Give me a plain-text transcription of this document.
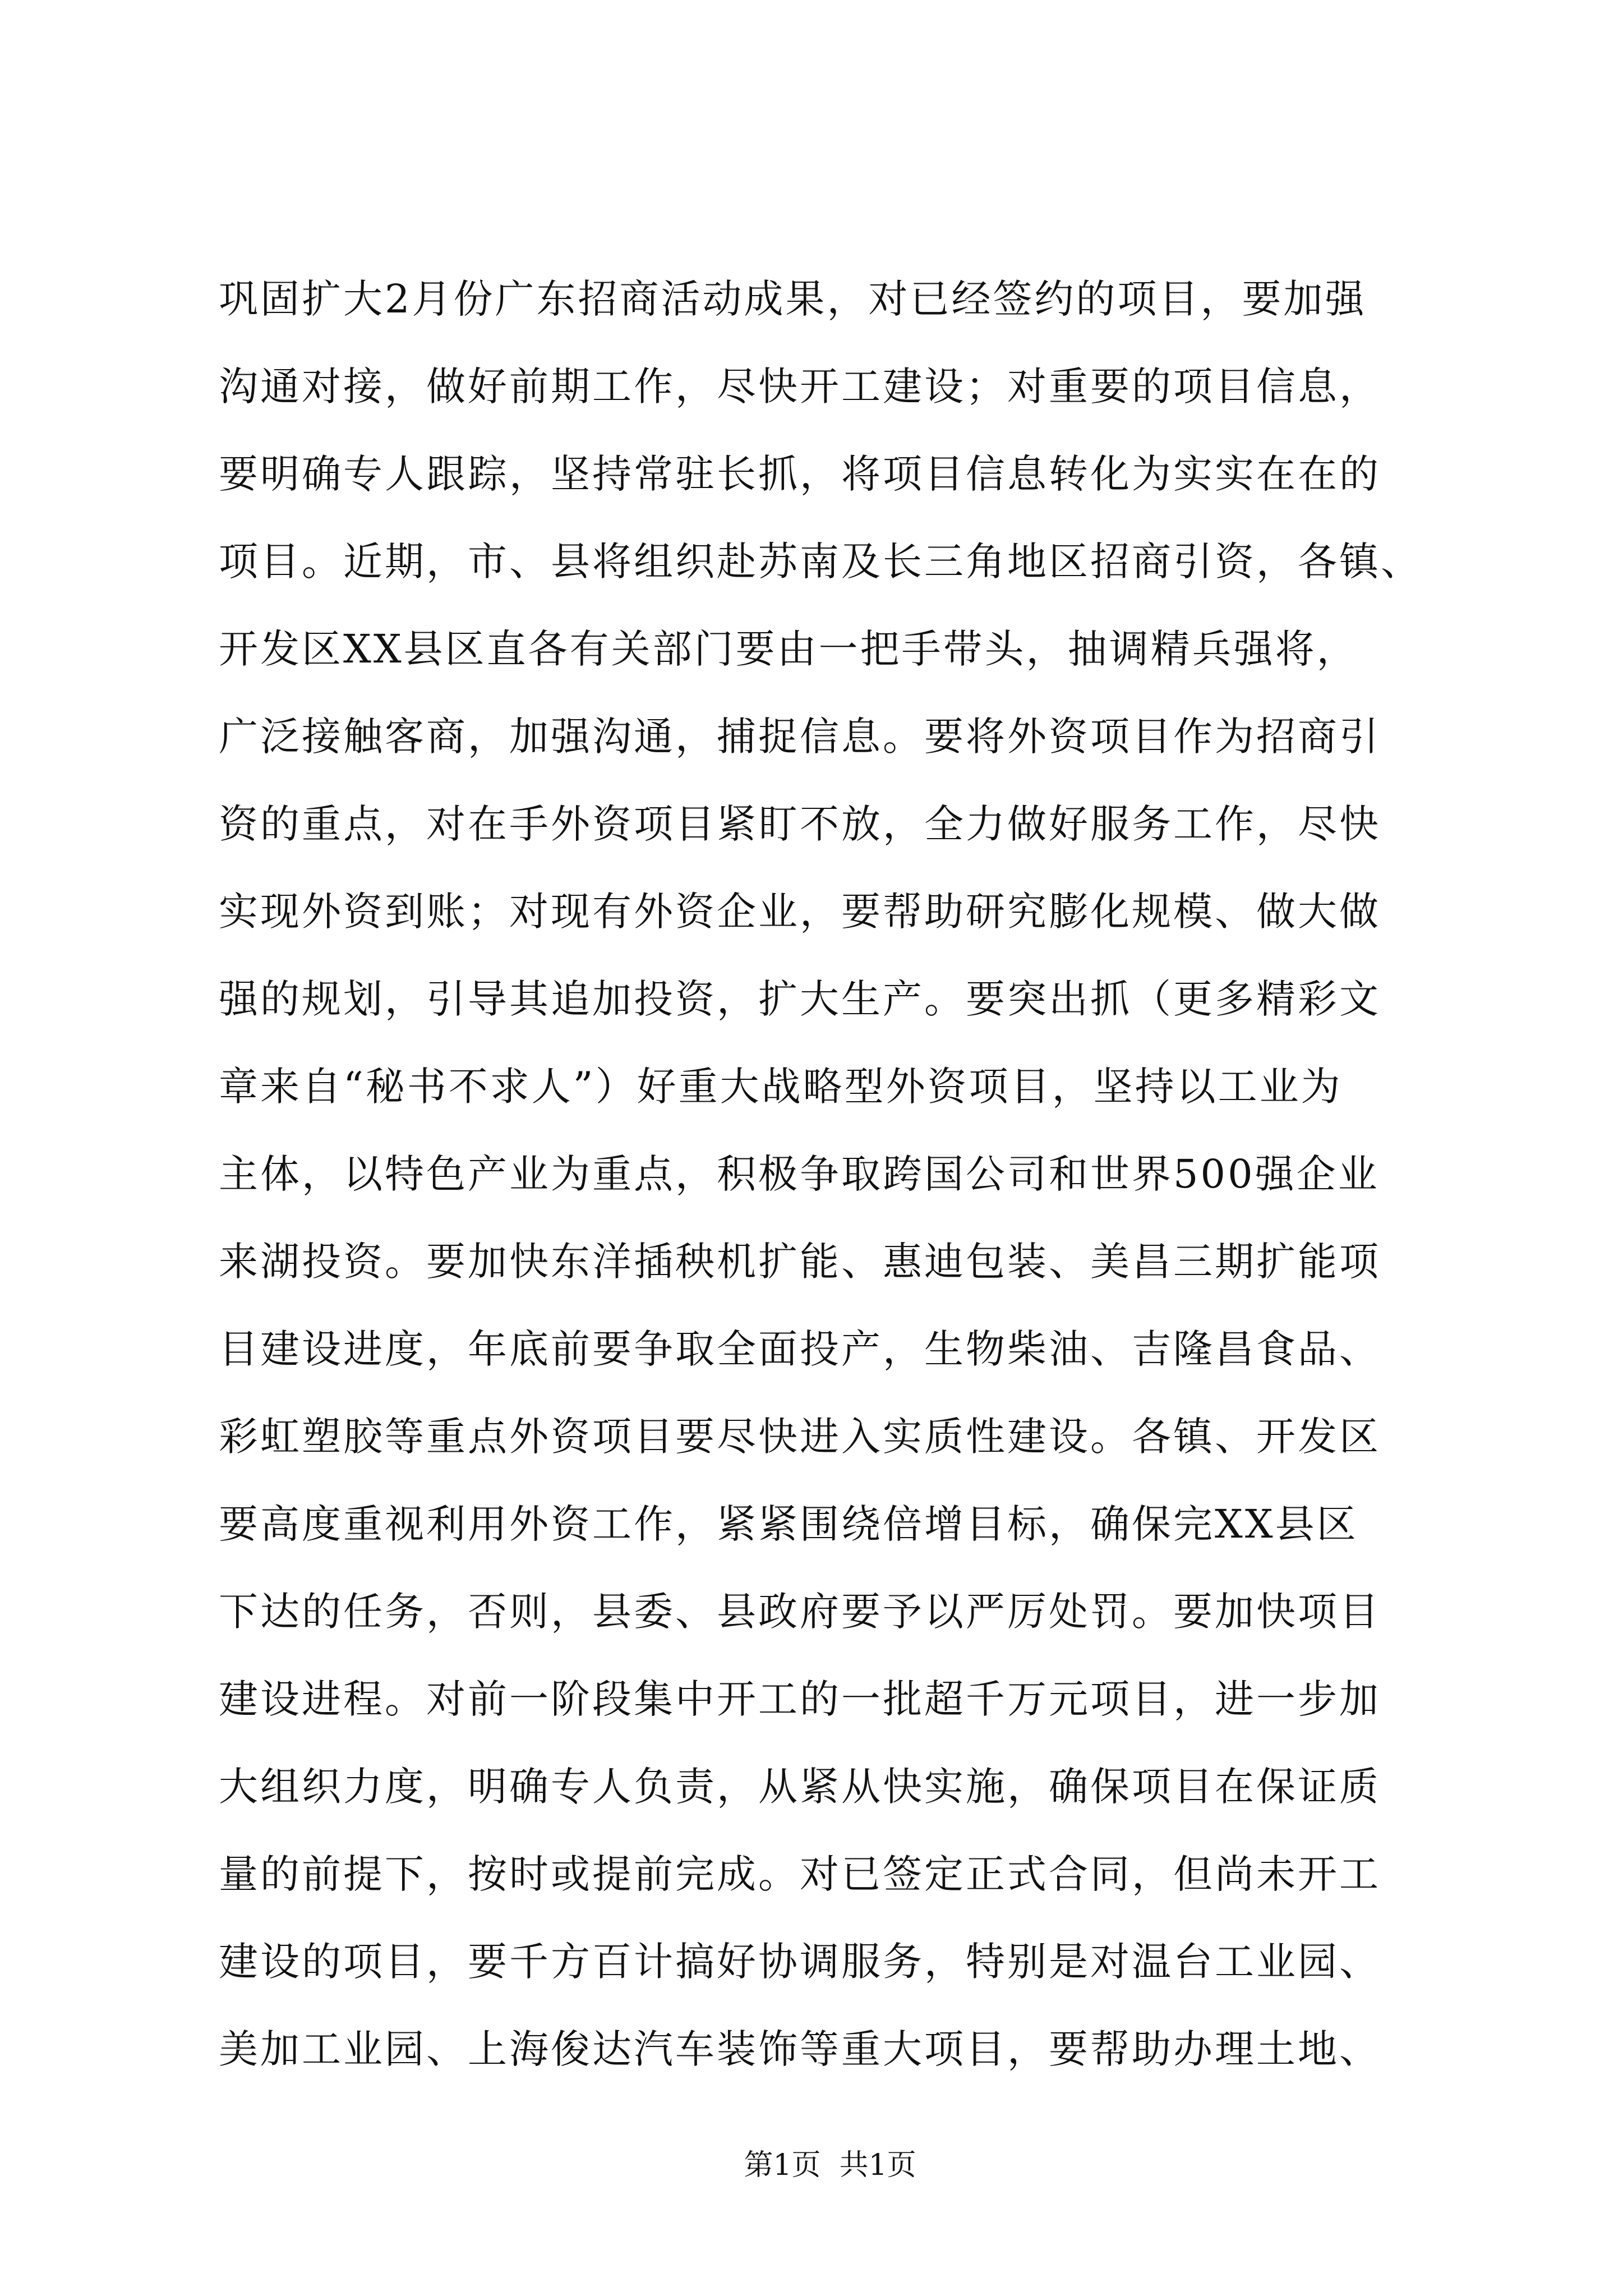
巩固扩大2月份广东招商活动成果，对已经签约的项目，要加强
沟通对接，做好前期工作，尽快开工建设；对重要的项目信息，
要明确专人跟踪，坚持常驻长抓，将项目信息转化为实实在在的
项目。近期，市、县将组织赴苏南及长三角地区招商引资，各镇、
开发区XX县区直各有关部门要由一把手带头，抽调精兵强将，
广泛接触客商，加强沟通，捕捉信息。要将外资项目作为招商引
资的重点，对在手外资项目紧盯不放，全力做好服务工作，尽快
实现外资到账；对现有外资企业，要帮助研究膨化规模、做大做
强的规划，引导其追加投资，扩大生产。要突出抓（更多精彩文
章来自“秘书不求人”）好重大战略型外资项目，坚持以工业为
主体，以特色产业为重点，积极争取跨国公司和世界500强企业
来湖投资。要加快东洋插秧机扩能、惠迪包装、美昌三期扩能项
目建设进度，年底前要争取全面投产，生物柴油、吉隆昌食品、
彩虹塑胶等重点外资项目要尽快进入实质性建设。各镇、开发区
要高度重视利用外资工作，紧紧围绕倍增目标，确保完XX县区
下达的任务，否则，县委、县政府要予以严厉处罚。要加快项目
建设进程。对前一阶段集中开工的一批超千万元项目，进一步加
大组织力度，明确专人负责，从紧从快实施，确保项目在保证质
量的前提下，按时或提前完成。对已签定正式合同，但尚未开工
建设的项目，要千方百计搞好协调服务，特别是对温台工业园、
美加工业园、上海俊达汽车装饰等重大项目，要帮助办理土地、

第1页  共1页
